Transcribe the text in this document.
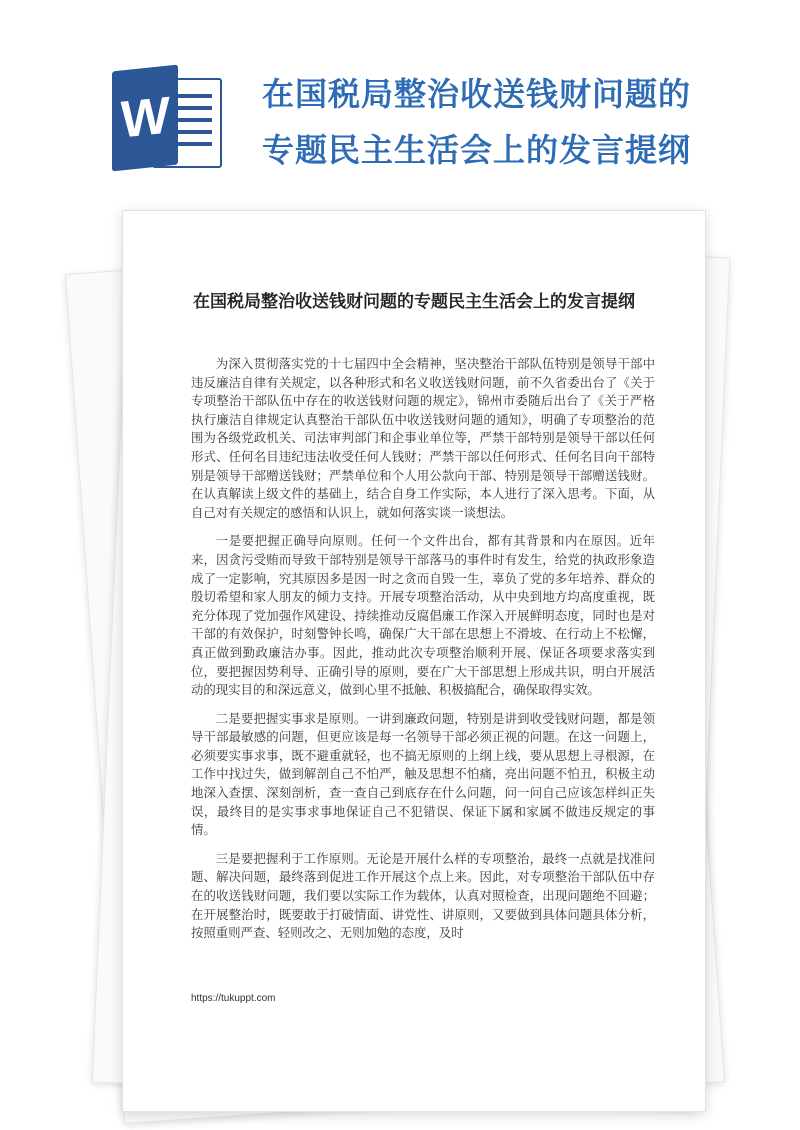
W	在国税局整治收送钱财问题的
专题民主生活会上的发言提纲
在国税局整治收送钱财问题的专题民主生活会上的发言提纲

为深入贯彻落实党的十七届四中全会精神，坚决整治干部队伍特别是领导干部中违反廉洁自律有关规定，以各种形式和名义收送钱财问题，前不久省委出台了《关于专项整治干部队伍中存在的收送钱财问题的规定》，锦州市委随后出台了《关于严格执行廉洁自律规定认真整治干部队伍中收送钱财问题的通知》，明确了专项整治的范围为各级党政机关、司法审判部门和企事业单位等，严禁干部特别是领导干部以任何形式、任何名目违纪违法收受任何人钱财；严禁干部以任何形式、任何名目向干部特别是领导干部赠送钱财；严禁单位和个人用公款向干部、特别是领导干部赠送钱财。在认真解读上级文件的基础上，结合自身工作实际，本人进行了深入思考。下面，从自己对有关规定的感悟和认识上，就如何落实谈一谈想法。

一是要把握正确导向原则。任何一个文件出台，都有其背景和内在原因。近年来，因贪污受贿而导致干部特别是领导干部落马的事件时有发生，给党的执政形象造成了一定影响，究其原因多是因一时之贪而自毁一生，辜负了党的多年培养、群众的殷切希望和家人朋友的倾力支持。开展专项整治活动，从中央到地方均高度重视，既充分体现了党加强作风建设、持续推动反腐倡廉工作深入开展鲜明态度，同时也是对干部的有效保护，时刻警钟长鸣，确保广大干部在思想上不滑坡、在行动上不松懈，真正做到勤政廉洁办事。因此，推动此次专项整治顺利开展、保证各项要求落实到位，要把握因势利导、正确引导的原则，要在广大干部思想上形成共识，明白开展活动的现实目的和深远意义，做到心里不抵触、积极搞配合，确保取得实效。

二是要把握实事求是原则。一讲到廉政问题，特别是讲到收受钱财问题，都是领导干部最敏感的问题，但更应该是每一名领导干部必须正视的问题。在这一问题上，必须要实事求事，既不避重就轻，也不搞无原则的上纲上线，要从思想上寻根源，在工作中找过失，做到解剖自己不怕严，触及思想不怕痛，亮出问题不怕丑，积极主动地深入查摆、深刻剖析，查一查自己到底存在什么问题，问一问自己应该怎样纠正失误，最终目的是实事求事地保证自己不犯错误、保证下属和家属不做违反规定的事情。

三是要把握利于工作原则。无论是开展什么样的专项整治，最终一点就是找准问题、解决问题，最终落到促进工作开展这个点上来。因此，对专项整治干部队伍中存在的收送钱财问题，我们要以实际工作为载体，认真对照检查，出现问题绝不回避；在开展整治时，既要敢于打破情面、讲党性、讲原则，又要做到具体问题具体分析，按照重则严查、轻则改之、无则加勉的态度，及时

https://tukuppt.com
